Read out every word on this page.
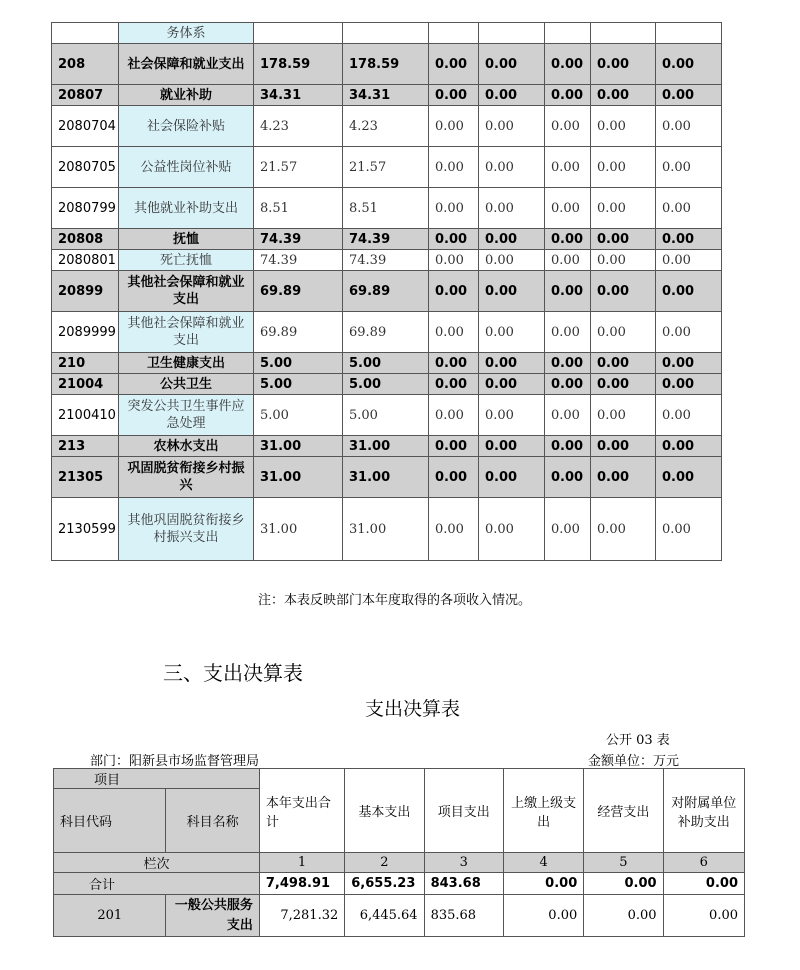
	务体系							
208	社会保障和就业支出	178.59	178.59	0.00	0.00	0.00	0.00	0.00
20807	就业补助	34.31	34.31	0.00	0.00	0.00	0.00	0.00
2080704	社会保险补贴	4.23	4.23	0.00	0.00	0.00	0.00	0.00
2080705	公益性岗位补贴	21.57	21.57	0.00	0.00	0.00	0.00	0.00
2080799	其他就业补助支出	8.51	8.51	0.00	0.00	0.00	0.00	0.00
20808	抚恤	74.39	74.39	0.00	0.00	0.00	0.00	0.00
2080801	死亡抚恤	74.39	74.39	0.00	0.00	0.00	0.00	0.00
20899	其他社会保障和就业支出	69.89	69.89	0.00	0.00	0.00	0.00	0.00
2089999	其他社会保障和就业支出	69.89	69.89	0.00	0.00	0.00	0.00	0.00
210	卫生健康支出	5.00	5.00	0.00	0.00	0.00	0.00	0.00
21004	公共卫生	5.00	5.00	0.00	0.00	0.00	0.00	0.00
2100410	突发公共卫生事件应急处理	5.00	5.00	0.00	0.00	0.00	0.00	0.00
213	农林水支出	31.00	31.00	0.00	0.00	0.00	0.00	0.00
21305	巩固脱贫衔接乡村振兴	31.00	31.00	0.00	0.00	0.00	0.00	0.00
2130599	其他巩固脱贫衔接乡村振兴支出	31.00	31.00	0.00	0.00	0.00	0.00	0.00
注：本表反映部门本年度取得的各项收入情况。
三、支出决算表
支出决算表
公开 03 表
部门：阳新县市场监督管理局	金额单位：万元
项目		本年支出合计	基本支出	项目支出	上缴上级支出	经营支出	对附属单位补助支出
科目代码	科目名称						
栏次		1	2	3	4	5	6
合计		7,498.91	6,655.23	843.68	0.00	0.00	0.00
201	一般公共服务支出	7,281.32	6,445.64	835.68	0.00	0.00	0.00
